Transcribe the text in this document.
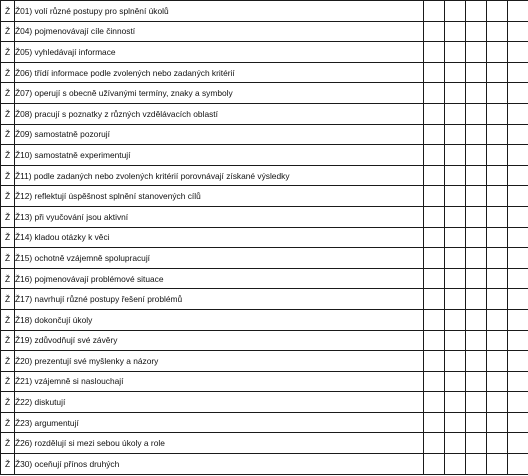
Ž	Ž01) volí různé postupy pro splnění úkolů					
Ž	Ž04) pojmenovávají cíle činností					
Ž	Ž05) vyhledávají informace					
Ž	Ž06) třídí informace podle zvolených nebo zadaných kritérií					
Ž	Ž07) operují s obecně užívanými termíny, znaky a symboly					
Ž	Ž08) pracují s poznatky z různých vzdělávacích oblastí					
Ž	Ž09) samostatně pozorují					
Ž	Ž10) samostatně experimentují					
Ž	Ž11) podle zadaných nebo zvolených kritérií porovnávají získané výsledky					
Ž	Ž12) reflektují úspěšnost splnění stanovených cílů					
Ž	Ž13) při vyučování jsou aktivní					
Ž	Ž14) kladou otázky k věci					
Ž	Ž15) ochotně vzájemně spolupracují					
Ž	Ž16) pojmenovávají problémové situace					
Ž	Ž17) navrhují různé postupy řešení problémů					
Ž	Ž18) dokončují úkoly					
Ž	Ž19) zdůvodňují své závěry					
Ž	Ž20) prezentují své myšlenky a názory					
Ž	Ž21) vzájemně si naslouchají					
Ž	Ž22) diskutují					
Ž	Ž23) argumentují					
Ž	Ž26) rozdělují si mezi sebou úkoly a role					
Ž	Ž30) oceňují přínos druhých					
